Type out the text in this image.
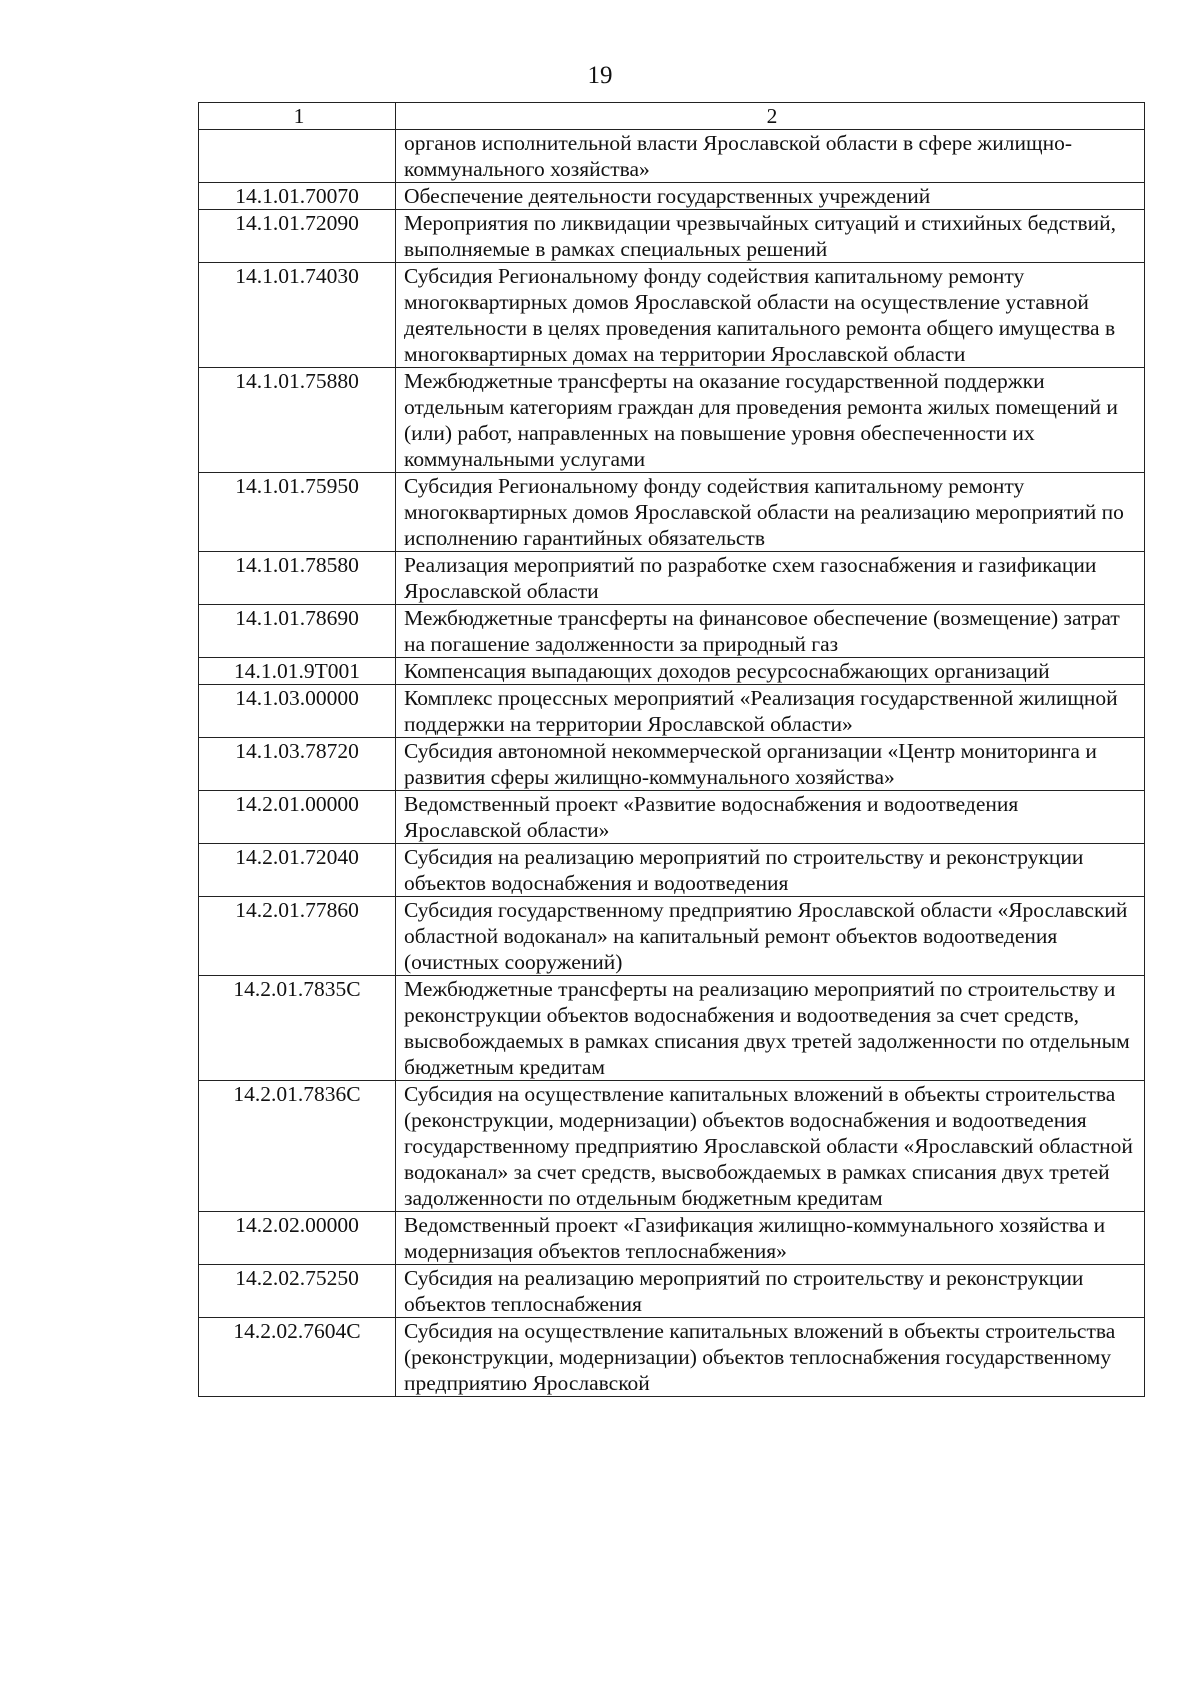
19
1	2
	органов исполнительной власти Ярославской области в сфере жилищно-коммунального хозяйства»
14.1.01.70070	Обеспечение деятельности государственных учреждений
14.1.01.72090	Мероприятия по ликвидации чрезвычайных ситуаций и стихийных бедствий, выполняемые в рамках специальных решений
14.1.01.74030	Субсидия Региональному фонду содействия капитальному ремонту многоквартирных домов Ярославской области на осуществление уставной деятельности в целях проведения капитального ремонта общего имущества в многоквартирных домах на территории Ярославской области
14.1.01.75880	Межбюджетные трансферты на оказание государственной поддержки отдельным категориям граждан для проведения ремонта жилых помещений и (или) работ, направленных на повышение уровня обеспеченности их коммунальными услугами
14.1.01.75950	Субсидия Региональному фонду содействия капитальному ремонту многоквартирных домов Ярославской области на реализацию мероприятий по исполнению гарантийных обязательств
14.1.01.78580	Реализация мероприятий по разработке схем газоснабжения и газификации Ярославской области
14.1.01.78690	Межбюджетные трансферты на финансовое обеспечение (возмещение) затрат на погашение задолженности за природный газ
14.1.01.9Т001	Компенсация выпадающих доходов ресурсоснабжающих организаций
14.1.03.00000	Комплекс процессных мероприятий «Реализация государственной жилищной поддержки на территории Ярославской области»
14.1.03.78720	Субсидия автономной некоммерческой организации «Центр мониторинга и развития сферы жилищно-коммунального хозяйства»
14.2.01.00000	Ведомственный проект «Развитие водоснабжения и водоотведения Ярославской области»
14.2.01.72040	Субсидия на реализацию мероприятий по строительству и реконструкции объектов водоснабжения и водоотведения
14.2.01.77860	Субсидия государственному предприятию Ярославской области «Ярославский областной водоканал» на капитальный ремонт объектов водоотведения (очистных сооружений)
14.2.01.7835С	Межбюджетные трансферты на реализацию мероприятий по строительству и реконструкции объектов водоснабжения и водоотведения за счет средств, высвобождаемых в рамках списания двух третей задолженности по отдельным бюджетным кредитам
14.2.01.7836С	Субсидия на осуществление капитальных вложений в объекты строительства (реконструкции, модернизации) объектов водоснабжения и водоотведения государственному предприятию Ярославской области «Ярославский областной водоканал» за счет средств, высвобождаемых в рамках списания двух третей задолженности по отдельным бюджетным кредитам
14.2.02.00000	Ведомственный проект «Газификация жилищно-коммунального хозяйства и модернизация объектов теплоснабжения»
14.2.02.75250	Субсидия на реализацию мероприятий по строительству и реконструкции объектов теплоснабжения
14.2.02.7604С	Субсидия на осуществление капитальных вложений в объекты строительства (реконструкции, модернизации) объектов теплоснабжения государственному предприятию Ярославской
